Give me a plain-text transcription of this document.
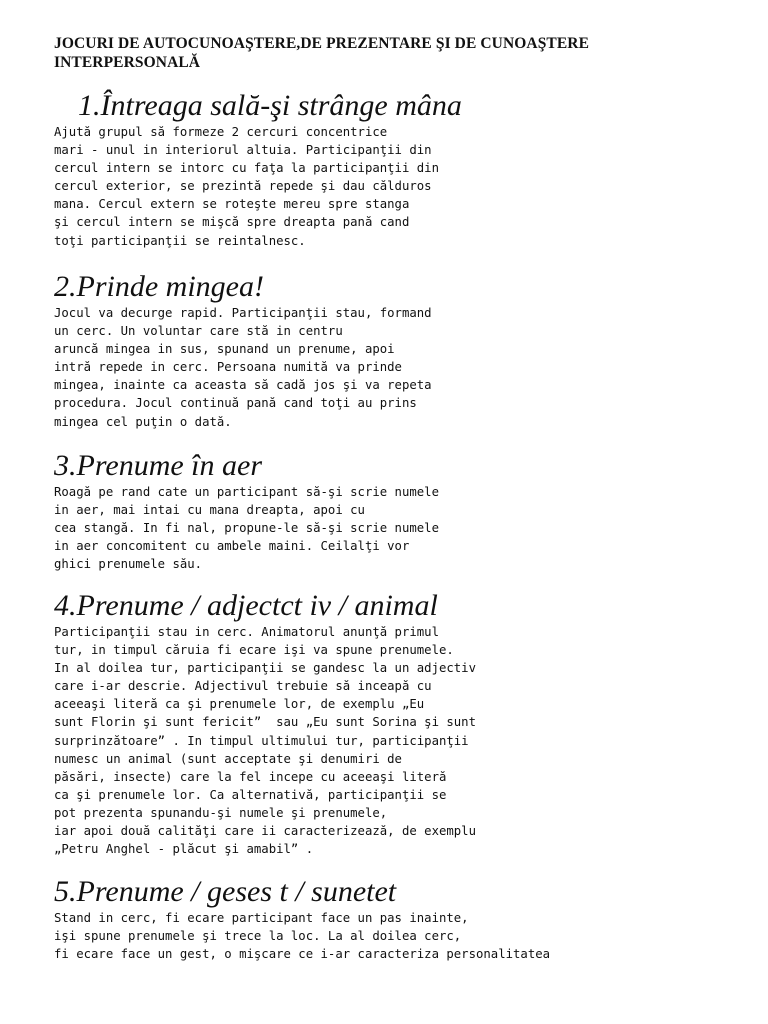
JOCURI DE AUTOCUNOAŞTERE,DE PREZENTARE ŞI DE CUNOAŞTERE
INTERPERSONALĂ
1.Întreaga sală-şi strânge mâna
Ajută grupul să formeze 2 cercuri concentrice
mari - unul in interiorul altuia. Participanţii din
cercul intern se intorc cu faţa la participanţii din
cercul exterior, se prezintă repede şi dau călduros
mana. Cercul extern se roteşte mereu spre stanga
şi cercul intern se mişcă spre dreapta pană cand
toţi participanţii se reintalnesc.
2.Prinde mingea!
Jocul va decurge rapid. Participanţii stau, formand
un cerc. Un voluntar care stă in centru
aruncă mingea in sus, spunand un prenume, apoi
intră repede in cerc. Persoana numită va prinde
mingea, inainte ca aceasta să cadă jos şi va repeta
procedura. Jocul continuă pană cand toţi au prins
mingea cel puţin o dată.
3.Prenume în aer
Roagă pe rand cate un participant să-şi scrie numele
in aer, mai intai cu mana dreapta, apoi cu
cea stangă. In fi nal, propune-le să-şi scrie numele
in aer concomitent cu ambele maini. Ceilalţi vor
ghici prenumele său.
4.Prenume / adjectct iv / animal
Participanţii stau in cerc. Animatorul anunţă primul
tur, in timpul căruia fi ecare işi va spune prenumele.
In al doilea tur, participanţii se gandesc la un adjectiv
care i-ar descrie. Adjectivul trebuie să inceapă cu
aceeaşi literă ca şi prenumele lor, de exemplu „Eu
sunt Florin şi sunt fericit”  sau „Eu sunt Sorina şi sunt
surprinzătoare” . In timpul ultimului tur, participanţii
numesc un animal (sunt acceptate şi denumiri de
păsări, insecte) care la fel incepe cu aceeaşi literă
ca şi prenumele lor. Ca alternativă, participanţii se
pot prezenta spunandu-şi numele şi prenumele,
iar apoi două calităţi care ii caracterizează, de exemplu
„Petru Anghel - plăcut şi amabil” .
5.Prenume / geses t / sunetet
Stand in cerc, fi ecare participant face un pas inainte,
işi spune prenumele şi trece la loc. La al doilea cerc,
fi ecare face un gest, o mişcare ce i-ar caracteriza personalitatea
